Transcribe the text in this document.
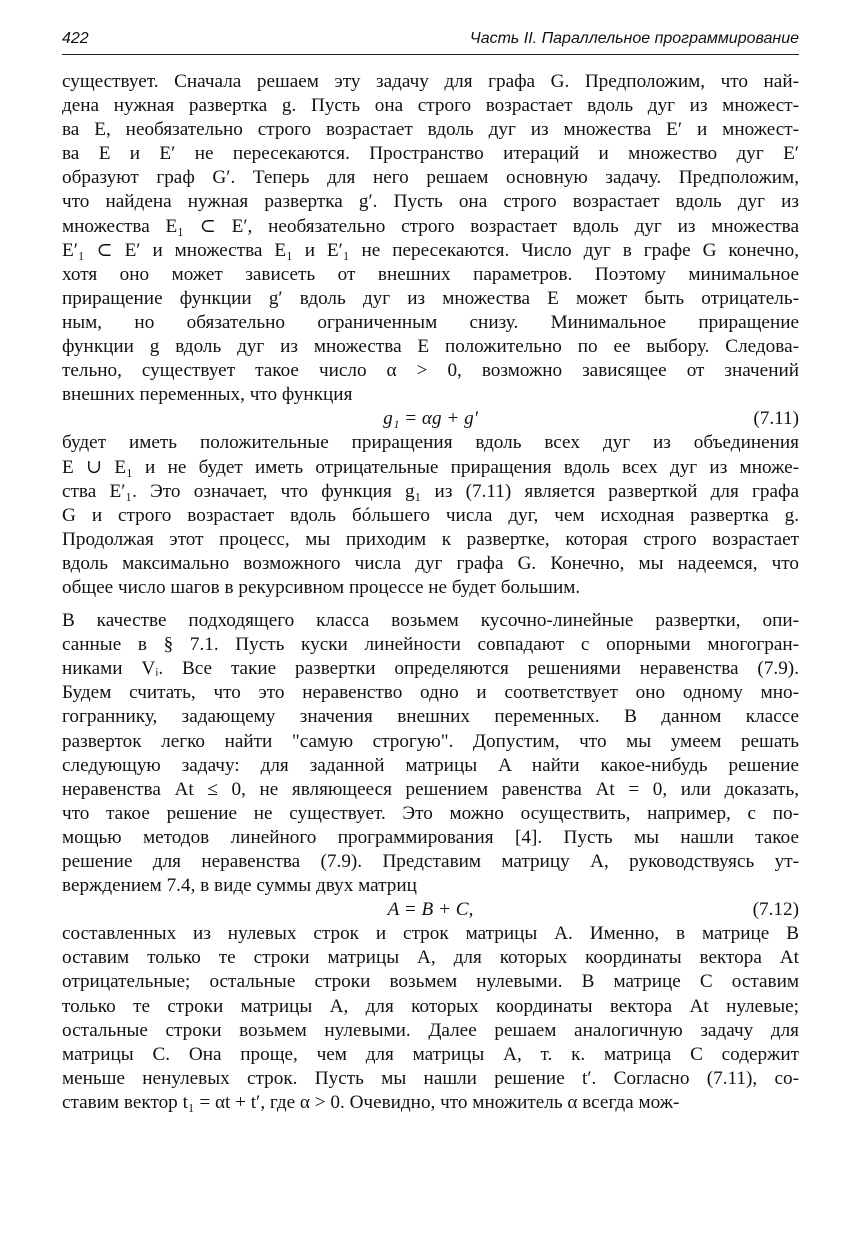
422	Часть II. Параллельное программирование
существует. Сначала решаем эту задачу для графа G. Предположим, что най-
дена нужная развертка g. Пусть она строго возрастает вдоль дуг из множест-
ва E, необязательно строго возрастает вдоль дуг из множества E′ и множест-
ва E и E′ не пересекаются. Пространство итераций и множество дуг E′
образуют граф G′. Теперь для него решаем основную задачу. Предположим,
что найдена нужная развертка g′. Пусть она строго возрастает вдоль дуг из
множества E₁ ⊂ E′, необязательно строго возрастает вдоль дуг из множества
E′₁ ⊂ E′ и множества E₁ и E′₁ не пересекаются. Число дуг в графе G конечно,
хотя оно может зависеть от внешних параметров. Поэтому минимальное
приращение функции g′ вдоль дуг из множества E может быть отрицатель-
ным, но обязательно ограниченным снизу. Минимальное приращение
функции g вдоль дуг из множества E положительно по ее выбору. Следова-
тельно, существует такое число α > 0, возможно зависящее от значений
внешних переменных, что функция
g₁ = αg + g′	(7.11)
будет иметь положительные приращения вдоль всех дуг из объединения
E ∪ E₁ и не будет иметь отрицательные приращения вдоль всех дуг из множе-
ства E′₁. Это означает, что функция g₁ из (7.11) является разверткой для графа
G и строго возрастает вдоль бóльшего числа дуг, чем исходная развертка g.
Продолжая этот процесс, мы приходим к развертке, которая строго возрастает
вдоль максимально возможного числа дуг графа G. Конечно, мы надеемся, что
общее число шагов в рекурсивном процессе не будет большим.
В качестве подходящего класса возьмем кусочно-линейные развертки, опи-
санные в § 7.1. Пусть куски линейности совпадают с опорными многогран-
никами Vᵢ. Все такие развертки определяются решениями неравенства (7.9).
Будем считать, что это неравенство одно и соответствует оно одному мно-
гограннику, задающему значения внешних переменных. В данном классе
разверток легко найти "самую строгую". Допустим, что мы умеем решать
следующую задачу: для заданной матрицы A найти какое-нибудь решение
неравенства At ≤ 0, не являющееся решением равенства At = 0, или доказать,
что такое решение не существует. Это можно осуществить, например, с по-
мощью методов линейного программирования [4]. Пусть мы нашли такое
решение для неравенства (7.9). Представим матрицу A, руководствуясь ут-
верждением 7.4, в виде суммы двух матриц
A = B + C,	(7.12)
составленных из нулевых строк и строк матрицы A. Именно, в матрице B
оставим только те строки матрицы A, для которых координаты вектора At
отрицательные; остальные строки возьмем нулевыми. В матрице C оставим
только те строки матрицы A, для которых координаты вектора At нулевые;
остальные строки возьмем нулевыми. Далее решаем аналогичную задачу для
матрицы C. Она проще, чем для матрицы A, т. к. матрица C содержит
меньше ненулевых строк. Пусть мы нашли решение t′. Согласно (7.11), со-
ставим вектор t₁ = αt + t′, где α > 0. Очевидно, что множитель α всегда мож-
